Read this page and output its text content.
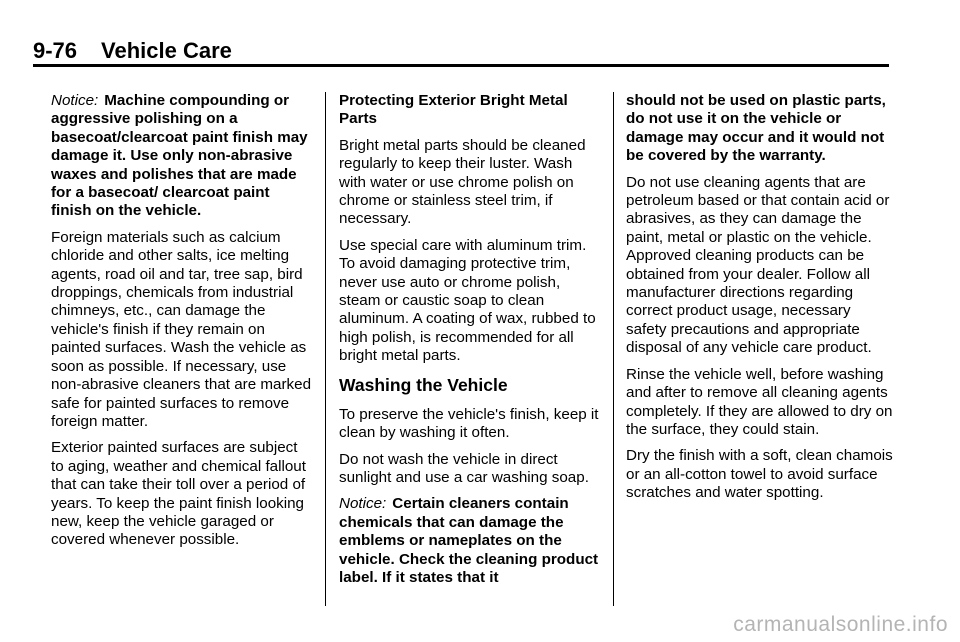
9-76 Vehicle Care

Notice: Machine compounding or aggressive polishing on a basecoat/clearcoat paint finish may damage it. Use only non-abrasive waxes and polishes that are made for a basecoat/ clearcoat paint finish on the vehicle.

Foreign materials such as calcium chloride and other salts, ice melting agents, road oil and tar, tree sap, bird droppings, chemicals from industrial chimneys, etc., can damage the vehicle's finish if they remain on painted surfaces. Wash the vehicle as soon as possible. If necessary, use non-abrasive cleaners that are marked safe for painted surfaces to remove foreign matter.

Exterior painted surfaces are subject to aging, weather and chemical fallout that can take their toll over a period of years. To keep the paint finish looking new, keep the vehicle garaged or covered whenever possible.

Protecting Exterior Bright Metal Parts

Bright metal parts should be cleaned regularly to keep their luster. Wash with water or use chrome polish on chrome or stainless steel trim, if necessary.

Use special care with aluminum trim. To avoid damaging protective trim, never use auto or chrome polish, steam or caustic soap to clean aluminum. A coating of wax, rubbed to high polish, is recommended for all bright metal parts.

Washing the Vehicle

To preserve the vehicle's finish, keep it clean by washing it often.

Do not wash the vehicle in direct sunlight and use a car washing soap.

Notice: Certain cleaners contain chemicals that can damage the emblems or nameplates on the vehicle. Check the cleaning product label. If it states that it

should not be used on plastic parts, do not use it on the vehicle or damage may occur and it would not be covered by the warranty.

Do not use cleaning agents that are petroleum based or that contain acid or abrasives, as they can damage the paint, metal or plastic on the vehicle. Approved cleaning products can be obtained from your dealer. Follow all manufacturer directions regarding correct product usage, necessary safety precautions and appropriate disposal of any vehicle care product.

Rinse the vehicle well, before washing and after to remove all cleaning agents completely. If they are allowed to dry on the surface, they could stain.

Dry the finish with a soft, clean chamois or an all-cotton towel to avoid surface scratches and water spotting.

carmanualsonline.info
